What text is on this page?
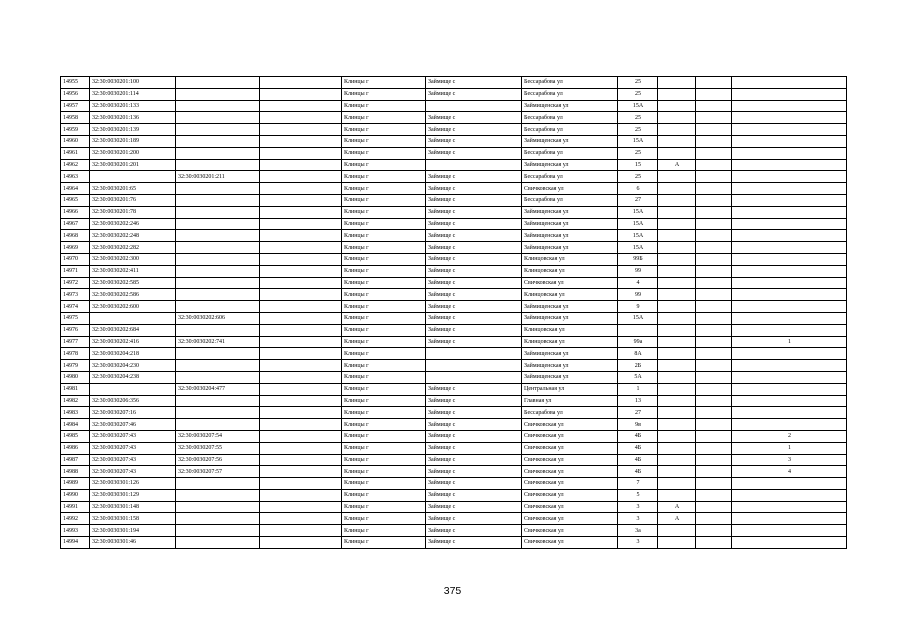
14955	32:30:0030201:100			Клинцы г	Займище с	Бессарабова ул	25			
14956	32:30:0030201:114			Клинцы г	Займище с	Бессарабова ул	25			
14957	32:30:0030201:133			Клинцы г		Займищенская ул	15А			
14958	32:30:0030201:136			Клинцы г	Займище с	Бессарабова ул	25			
14959	32:30:0030201:139			Клинцы г	Займище с	Бессарабова ул	25			
14960	32:30:0030201:189			Клинцы г	Займище с	Займищенская ул	15А			
14961	32:30:0030201:200			Клинцы г	Займище с	Бессарабова ул	25			
14962	32:30:0030201:201			Клинцы г		Займищенская ул	15	А		
14963		32:30:0030201:211		Клинцы г	Займище с	Бессарабова ул	25			
14964	32:30:0030201:65			Клинцы г	Займище с	Свичковская ул	6			
14965	32:30:0030201:76			Клинцы г	Займище с	Бессарабова ул	27			
14966	32:30:0030201:78			Клинцы г	Займище с	Займищенская ул	15А			
14967	32:30:0030202:246			Клинцы г	Займище с	Займищенская ул	15А			
14968	32:30:0030202:248			Клинцы г	Займище с	Займищенская ул	15А			
14969	32:30:0030202:282			Клинцы г	Займище с	Займищенская ул	15А			
14970	32:30:0030202:300			Клинцы г	Займище с	Клинцовская ул	99Б			
14971	32:30:0030202:411			Клинцы г	Займище с	Клинцовская ул	99			
14972	32:30:0030202:585			Клинцы г	Займище с	Свичковская ул	4			
14973	32:30:0030202:586			Клинцы г	Займище с	Клинцовская ул	99			
14974	32:30:0030202:600			Клинцы г	Займище с	Займищенская ул	9			
14975		32:30:0030202:606		Клинцы г	Займище с	Займищенская ул	15А			
14976	32:30:0030202:684			Клинцы г	Займище с	Клинцовская ул				
14977	32:30:0030202:416	32:30:0030202:741		Клинцы г	Займище с	Клинцовская ул	99а			1
14978	32:30:0030204:218			Клинцы г		Займищенская ул	8А			
14979	32:30:0030204:230			Клинцы г		Займищенская ул	2Б			
14980	32:30:0030204:238			Клинцы г		Займищенская ул	5А			
14981		32:30:0030204:477		Клинцы г	Займище с	Центральная ул	1			
14982	32:30:0030206:356			Клинцы г	Займище с	Главная ул	13			
14983	32:30:0030207:16			Клинцы г	Займище с	Бессарабова ул	27			
14984	32:30:0030207:46			Клинцы г	Займище с	Свичковская ул	9в			
14985	32:30:0030207:43	32:30:0030207:54		Клинцы г	Займище с	Свичковская ул	4Б			2
14986	32:30:0030207:43	32:30:0030207:55		Клинцы г	Займище с	Свичковская ул	4Б			1
14987	32:30:0030207:43	32:30:0030207:56		Клинцы г	Займище с	Свичковская ул	4Б			3
14988	32:30:0030207:43	32:30:0030207:57		Клинцы г	Займище с	Свичковская ул	4Б			4
14989	32:30:0030301:126			Клинцы г	Займище с	Свичковская ул	7			
14990	32:30:0030301:129			Клинцы г	Займище с	Свичковская ул	5			
14991	32:30:0030301:148			Клинцы г	Займище с	Свичковская ул	3	А		
14992	32:30:0030301:158			Клинцы г	Займище с	Свичковская ул	3	А		
14993	32:30:0030301:194			Клинцы г	Займище с	Свичковская ул	3а			
14994	32:30:0030301:46			Клинцы г	Займище с	Свичковская ул	3			
375
